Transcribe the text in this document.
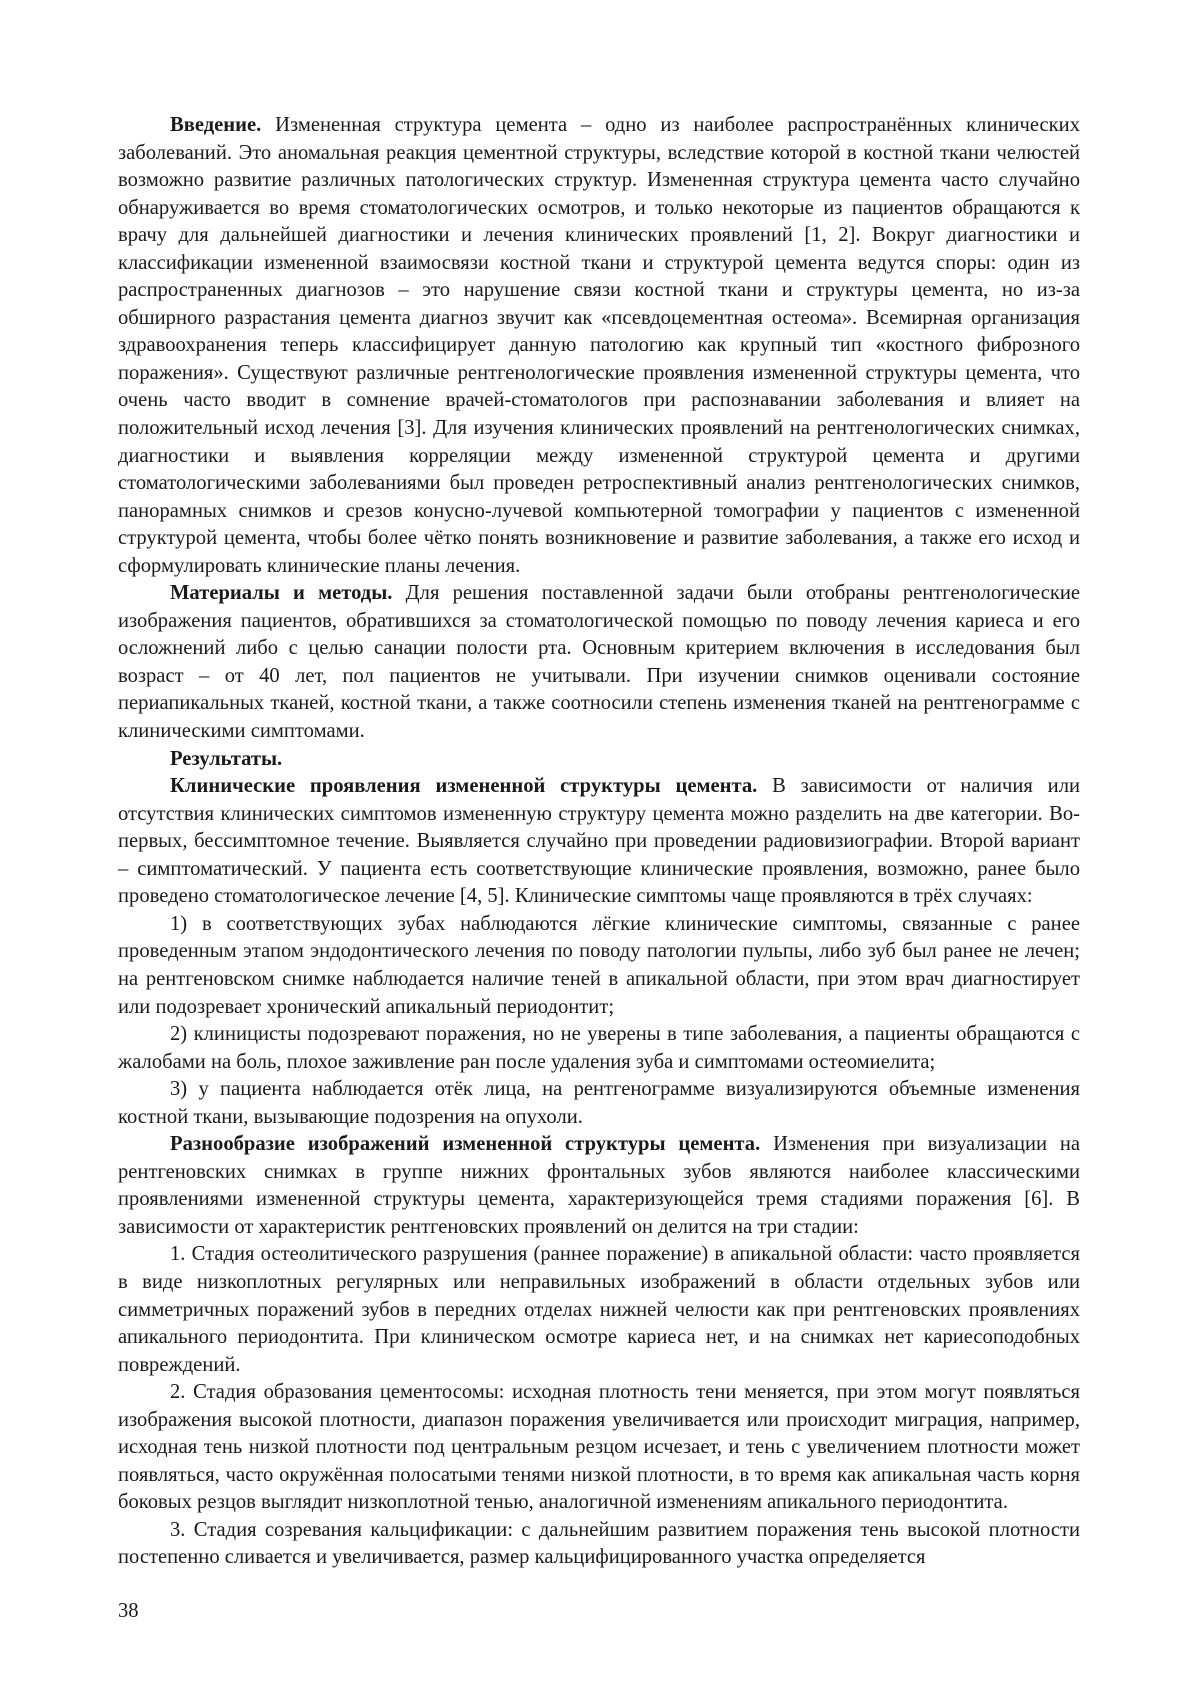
Введение. Измененная структура цемента – одно из наиболее распространённых клинических заболеваний. Это аномальная реакция цементной структуры, вследствие которой в костной ткани челюстей возможно развитие различных патологических структур. Измененная структура цемента часто случайно обнаруживается во время стоматологических осмотров, и только некоторые из пациентов обращаются к врачу для дальнейшей диагностики и лечения клинических проявлений [1, 2]. Вокруг диагностики и классификации измененной взаимосвязи костной ткани и структурой цемента ведутся споры: один из распространенных диагнозов – это нарушение связи костной ткани и структуры цемента, но из-за обширного разрастания цемента диагноз звучит как «псевдоцементная остеома». Всемирная организация здравоохранения теперь классифицирует данную патологию как крупный тип «костного фиброзного поражения». Существуют различные рентгенологические проявления измененной структуры цемента, что очень часто вводит в сомнение врачей-стоматологов при распознавании заболевания и влияет на положительный исход лечения [3]. Для изучения клинических проявлений на рентгенологических снимках, диагностики и выявления корреляции между измененной структурой цемента и другими стоматологическими заболеваниями был проведен ретроспективный анализ рентгенологических снимков, панорамных снимков и срезов конусно-лучевой компьютерной томографии у пациентов с измененной структурой цемента, чтобы более чётко понять возникновение и развитие заболевания, а также его исход и сформулировать клинические планы лечения.

Материалы и методы. Для решения поставленной задачи были отобраны рентгенологические изображения пациентов, обратившихся за стоматологической помощью по поводу лечения кариеса и его осложнений либо с целью санации полости рта. Основным критерием включения в исследования был возраст – от 40 лет, пол пациентов не учитывали. При изучении снимков оценивали состояние периапикальных тканей, костной ткани, а также соотносили степень изменения тканей на рентгенограмме с клиническими симптомами.

Результаты.

Клинические проявления измененной структуры цемента. В зависимости от наличия или отсутствия клинических симптомов измененную структуру цемента можно разделить на две категории. Во-первых, бессимптомное течение. Выявляется случайно при проведении радиовизиографии. Второй вариант – симптоматический. У пациента есть соответствующие клинические проявления, возможно, ранее было проведено стоматологическое лечение [4, 5]. Клинические симптомы чаще проявляются в трёх случаях:

1) в соответствующих зубах наблюдаются лёгкие клинические симптомы, связанные с ранее проведенным этапом эндодонтического лечения по поводу патологии пульпы, либо зуб был ранее не лечен; на рентгеновском снимке наблюдается наличие теней в апикальной области, при этом врач диагностирует или подозревает хронический апикальный периодонтит;

2) клиницисты подозревают поражения, но не уверены в типе заболевания, а пациенты обращаются с жалобами на боль, плохое заживление ран после удаления зуба и симптомами остеомиелита;

3) у пациента наблюдается отёк лица, на рентгенограмме визуализируются объемные изменения костной ткани, вызывающие подозрения на опухоли.

Разнообразие изображений измененной структуры цемента. Изменения при визуализации на рентгеновских снимках в группе нижних фронтальных зубов являются наиболее классическими проявлениями измененной структуры цемента, характеризующейся тремя стадиями поражения [6]. В зависимости от характеристик рентгеновских проявлений он делится на три стадии:

1. Стадия остеолитического разрушения (раннее поражение) в апикальной области: часто проявляется в виде низкоплотных регулярных или неправильных изображений в области отдельных зубов или симметричных поражений зубов в передних отделах нижней челюсти как при рентгеновских проявлениях апикального периодонтита. При клиническом осмотре кариеса нет, и на снимках нет кариесоподобных повреждений.

2. Стадия образования цементосомы: исходная плотность тени меняется, при этом могут появляться изображения высокой плотности, диапазон поражения увеличивается или происходит миграция, например, исходная тень низкой плотности под центральным резцом исчезает, и тень с увеличением плотности может появляться, часто окружённая полосатыми тенями низкой плотности, в то время как апикальная часть корня боковых резцов выглядит низкоплотной тенью, аналогичной изменениям апикального периодонтита.

3. Стадия созревания кальцификации: с дальнейшим развитием поражения тень высокой плотности постепенно сливается и увеличивается, размер кальцифицированного участка определяется

38
